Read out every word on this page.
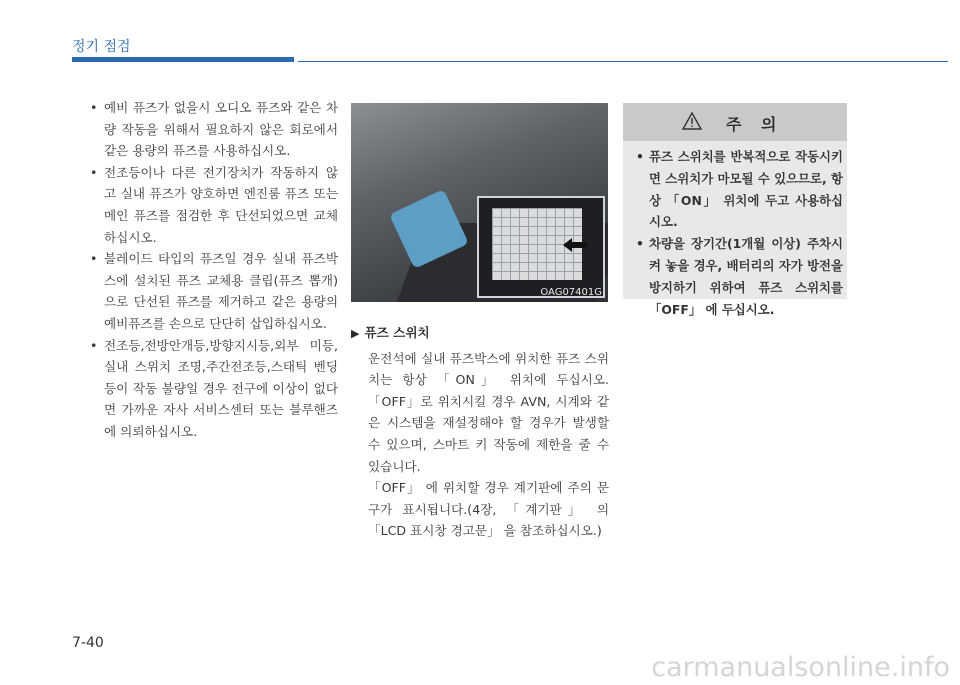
정기 점검
• 예비 퓨즈가 없을시 오디오 퓨즈와 같은 차량 작동을 위해서 필요하지 않은 회로에서 같은 용량의 퓨즈를 사용하십시오.
• 전조등이나 다른 전기장치가 작동하지 않고 실내 퓨즈가 양호하면 엔진룸 퓨즈 또는 메인 퓨즈를 점검한 후 단선되었으면 교체하십시오.
• 블레이드 타입의 퓨즈일 경우 실내 퓨즈박스에 설치된 퓨즈 교체용 클립(퓨즈 뽑개)으로 단선된 퓨즈를 제거하고 같은 용량의 예비퓨즈를 손으로 단단히 삽입하십시오.
• 전조등,전방안개등,방향지시등,외부 미등,실내 스위치 조명,주간전조등,스태틱 벤딩등이 작동 불량일 경우 전구에 이상이 없다면 가까운 자사 서비스센터 또는 블루핸즈에 의뢰하십시오.
OAG07401G
▶ 퓨즈 스위치

운전석에 실내 퓨즈박스에 위치한 퓨즈 스위치는 항상 「ON」 위치에 두십시오. 「OFF」로 위치시킬 경우 AVN, 시계와 같은 시스템을 재설정해야 할 경우가 발생할 수 있으며, 스마트 키 작동에 제한을 줄 수 있습니다.

「OFF」 에 위치할 경우 계기판에 주의 문구가 표시됩니다.(4장, 「계기판」 의 「LCD 표시창 경고문」 을 참조하십시오.)

주 의
• 퓨즈 스위치를 반복적으로 작동시키면 스위치가 마모될 수 있으므로, 항상 「ON」 위치에 두고 사용하십시오.
• 차량을 장기간(1개월 이상) 주차시켜 놓을 경우, 배터리의 자가 방전을 방지하기 위하여 퓨즈 스위치를 「OFF」 에 두십시오.
7-40
carmanualsonline.info
